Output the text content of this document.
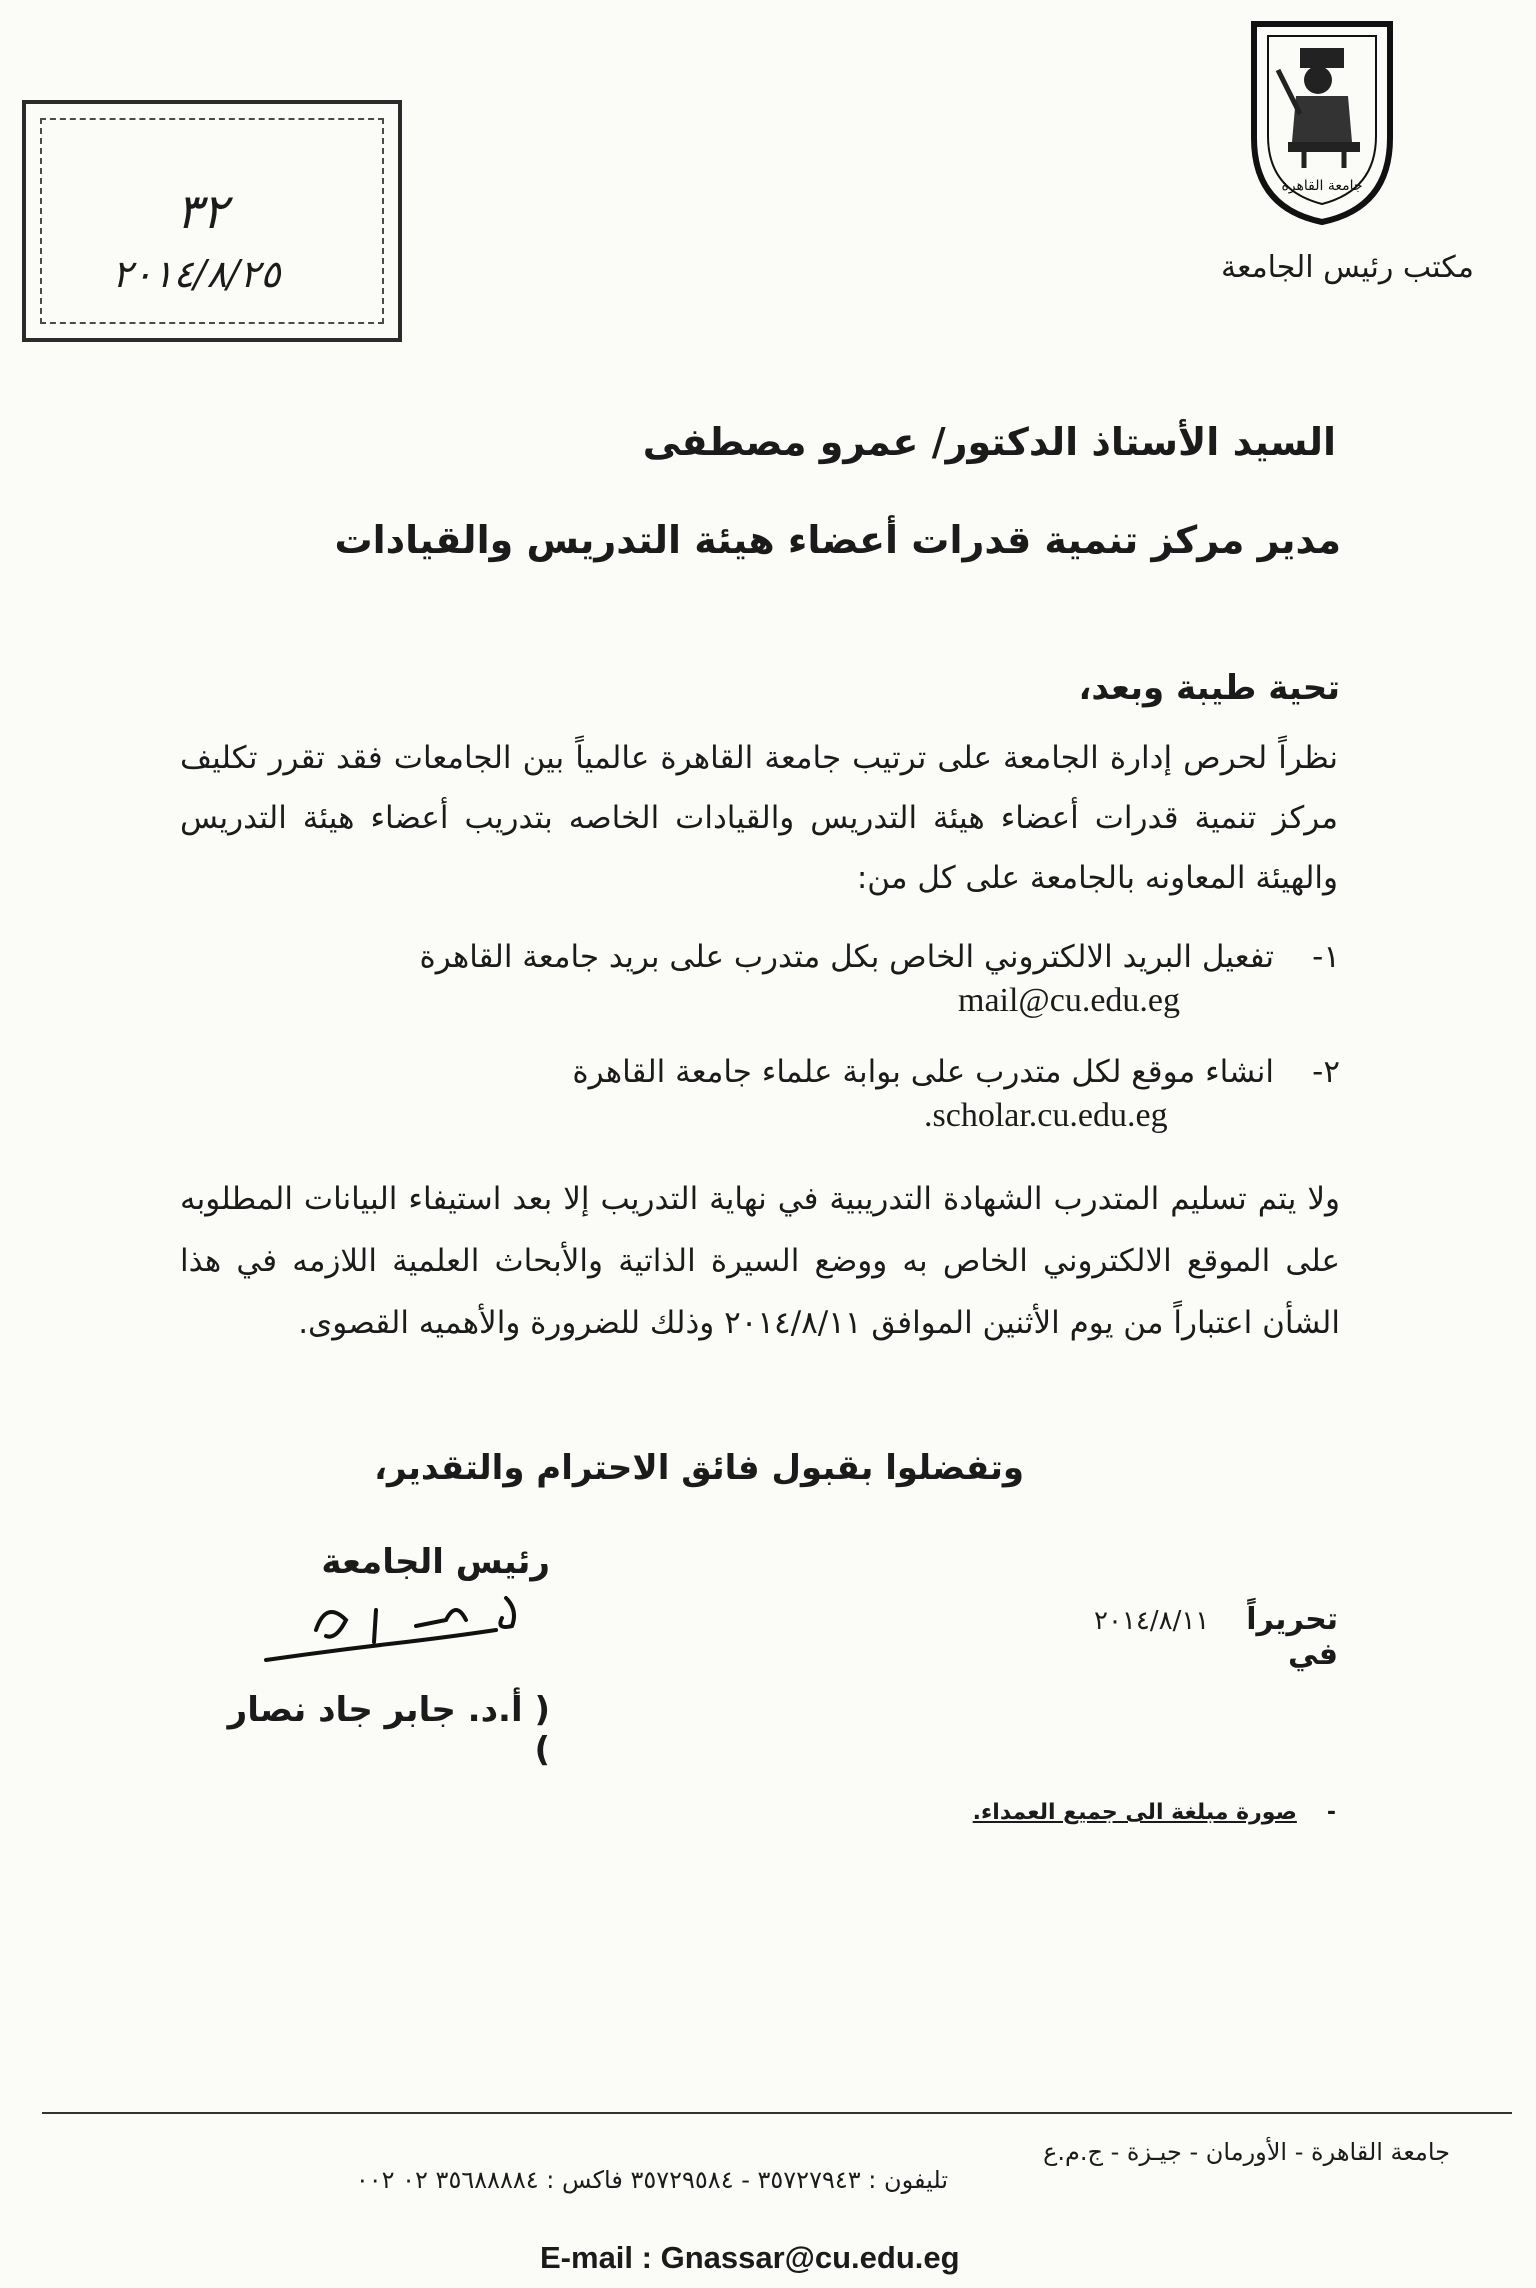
جامعة القاهرة
مكتب رئيس الجامعة
٣٢
٢٠١٤/٨/٢٥
السيد الأستاذ الدكتور/ عمرو مصطفى
مدير مركز تنمية قدرات أعضاء هيئة التدريس والقيادات
تحية طيبة وبعد،
نظراً لحرص إدارة الجامعة على ترتيب جامعة القاهرة عالمياً بين الجامعات فقد تقرر تكليف مركز تنمية قدرات أعضاء هيئة التدريس والقيادات الخاصه بتدريب أعضاء هيئة التدريس والهيئة المعاونه بالجامعة على كل من:
١-تفعيل البريد الالكتروني الخاص بكل متدرب على بريد جامعة القاهرة
mail@cu.edu.eg
٢-انشاء موقع لكل متدرب على بوابة علماء جامعة القاهرة
.scholar.cu.edu.eg
ولا يتم تسليم المتدرب الشهادة التدريبية في نهاية التدريب إلا بعد استيفاء البيانات المطلوبه على الموقع الالكتروني الخاص به ووضع السيرة الذاتية والأبحاث العلمية اللازمه في هذا الشأن اعتباراً من يوم الأثنين الموافق ٢٠١٤/٨/١١ وذلك للضرورة والأهميه القصوى.
وتفضلوا بقبول فائق الاحترام والتقدير،
رئيس الجامعة
( أ.د. جابر جاد نصار )
تحريراً في
٢٠١٤/٨/١١
-صورة مبلغة الى جميع العمداء.
جامعة القاهرة - الأورمان - جيـزة - ج.م.ع
تليفون : ٣٥٧٢٧٩٤٣ - ٣٥٧٢٩٥٨٤ فاكس : ٣٥٦٨٨٨٨٤ ٠٢ ٠٠٢
E-mail : Gnassar@cu.edu.eg
